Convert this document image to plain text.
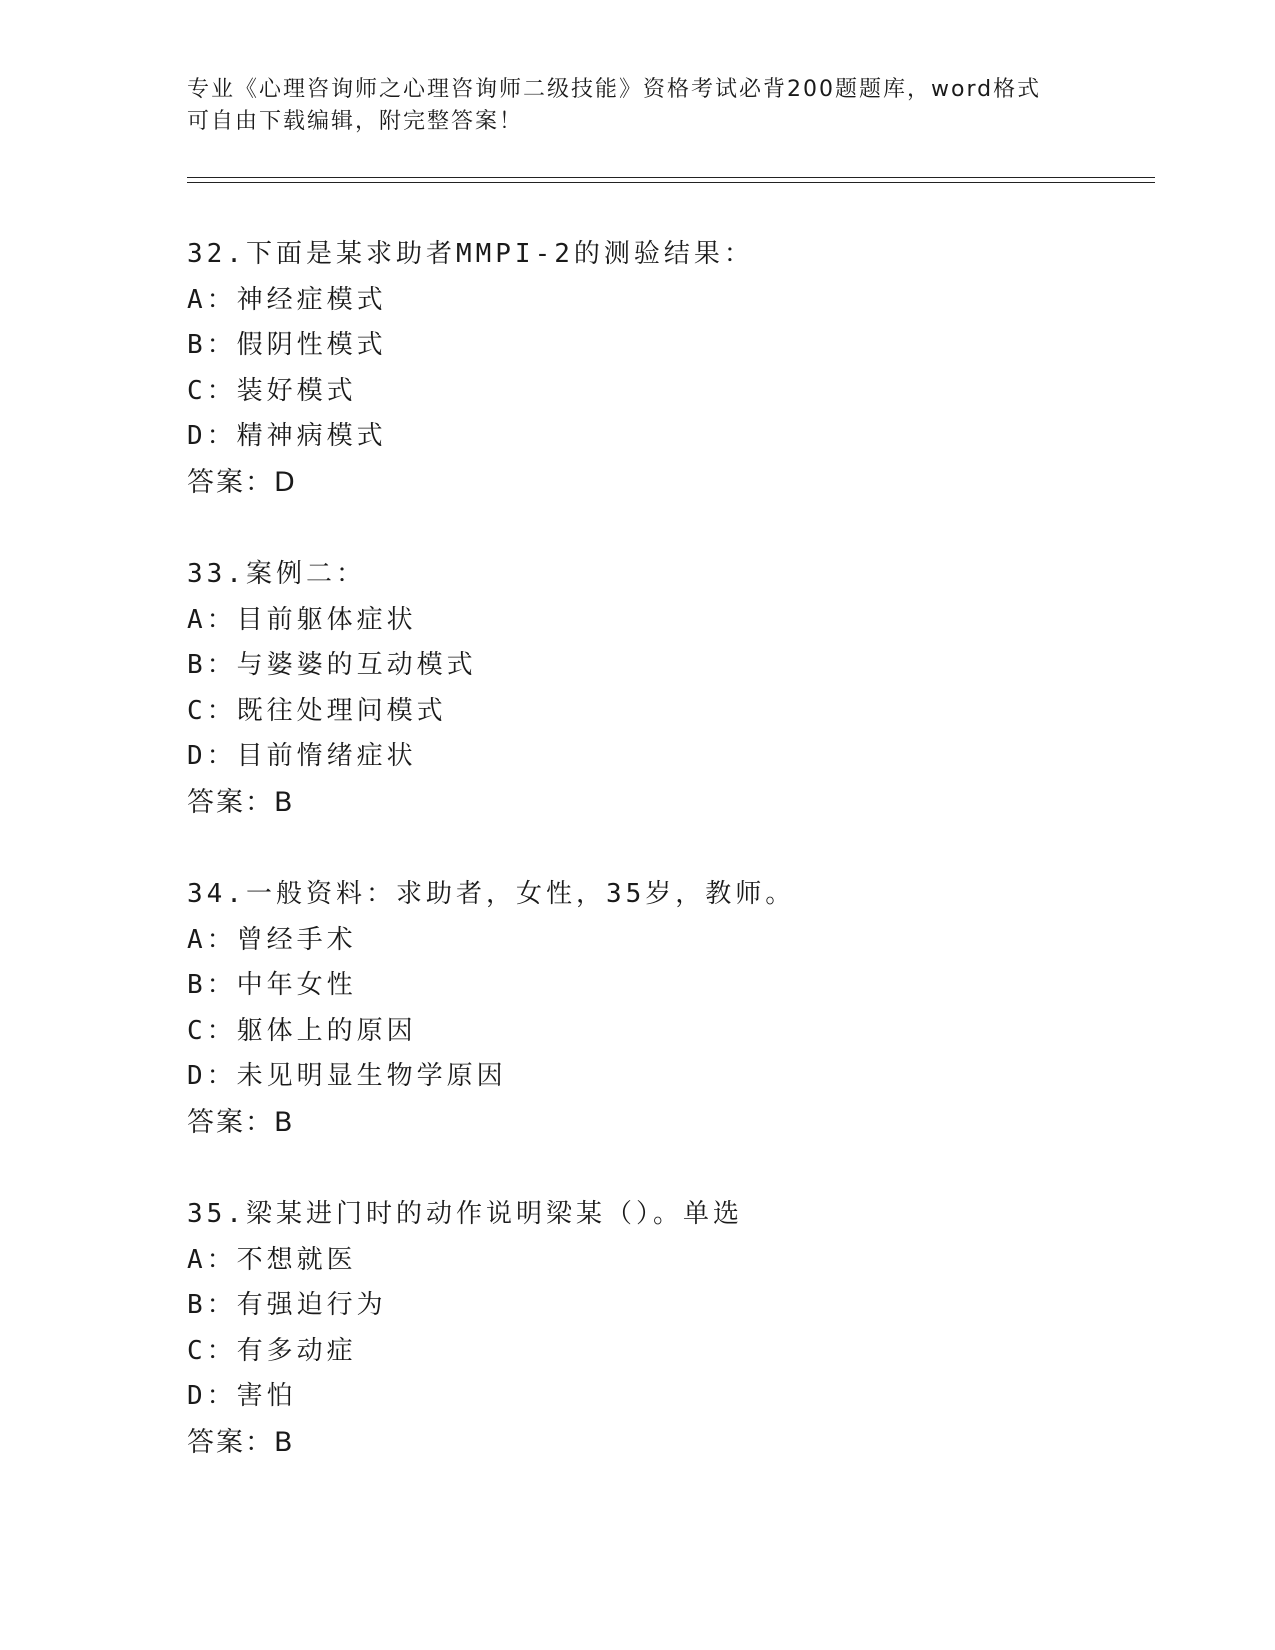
专业《心理咨询师之心理咨询师二级技能》资格考试必背200题题库，word格式
可自由下载编辑，附完整答案！
32.下面是某求助者MMPI-2的测验结果：
A：神经症模式
B：假阴性模式
C：装好模式
D：精神病模式
答案：D
33.案例二：
A：目前躯体症状
B：与婆婆的互动模式
C：既往处理问模式
D：目前惰绪症状
答案：B
34.一般资料：求助者，女性，35岁，教师。
A：曾经手术
B：中年女性
C：躯体上的原因
D：未见明显生物学原因
答案：B
35.梁某进门时的动作说明梁某（）。单选
A：不想就医
B：有强迫行为
C：有多动症
D：害怕
答案：B
